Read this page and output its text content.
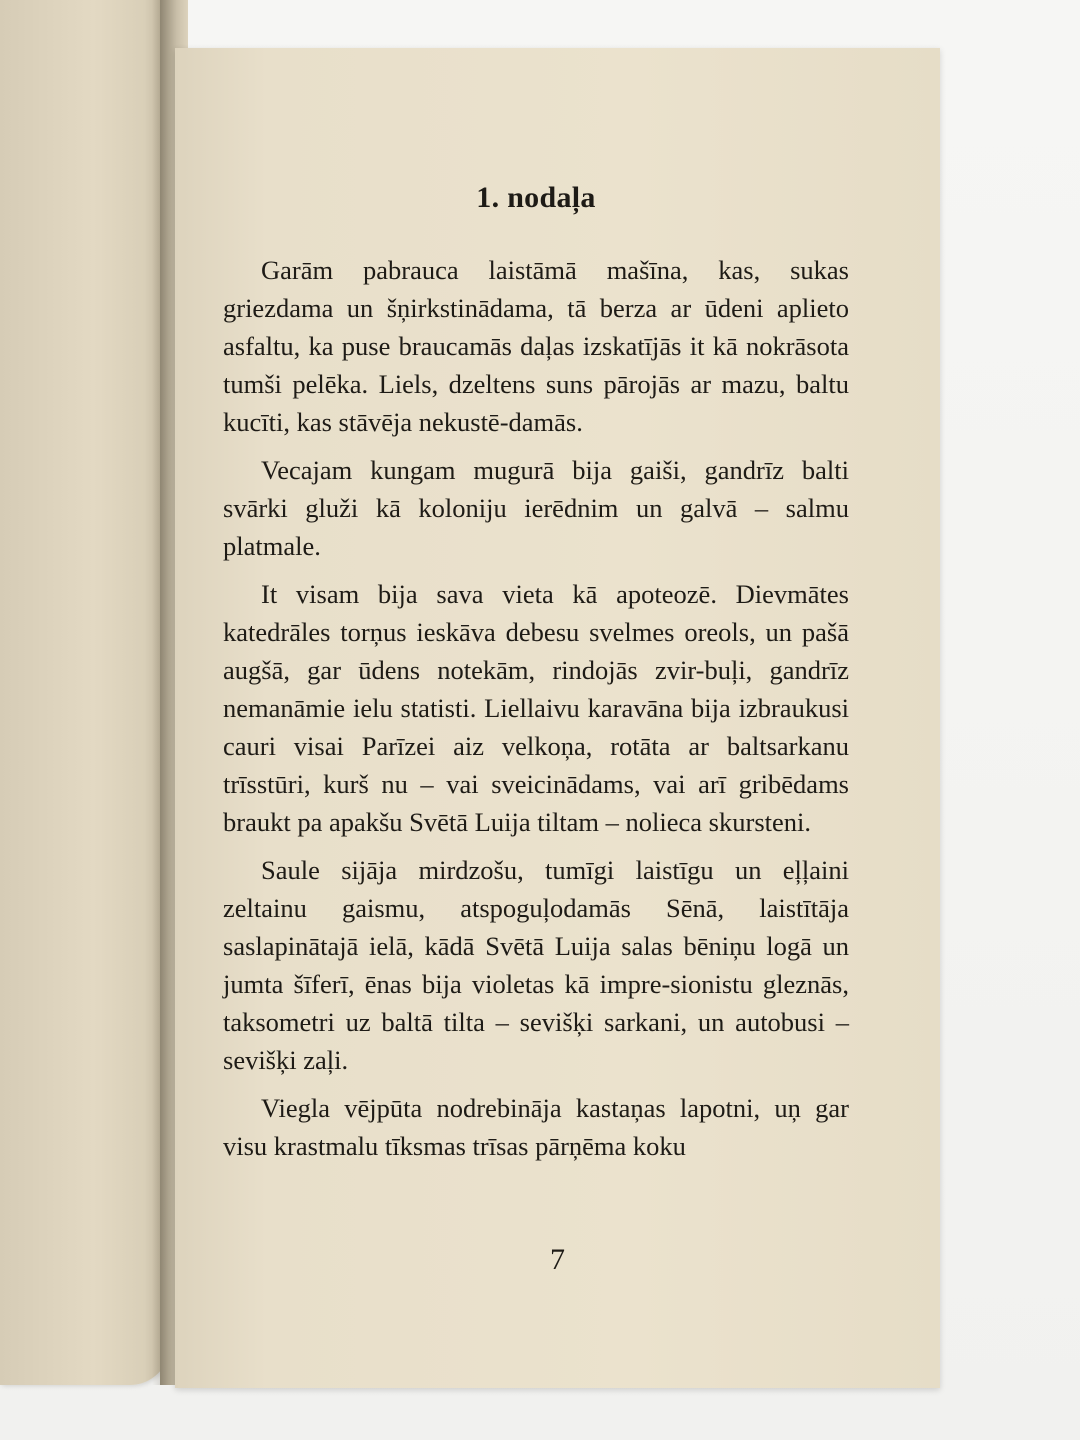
1. nodaļa

Garām pabrauca laistāmā mašīna, kas, sukas griezdama un šņirkstinādama, tā berza ar ūdeni aplieto asfaltu, ka puse braucamās daļas izskatījās it kā nokrāsota tumši pelēka. Liels, dzeltens suns pārojās ar mazu, baltu kucīti, kas stāvēja nekustē-damās.

Vecajam kungam mugurā bija gaiši, gandrīz balti svārki gluži kā koloniju ierēdnim un galvā – salmu platmale.

It visam bija sava vieta kā apoteozē. Dievmātes katedrāles torņus ieskāva debesu svelmes oreols, un pašā augšā, gar ūdens notekām, rindojās zvir-buļi, gandrīz nemanāmie ielu statisti. Liellaivu karavāna bija izbraukusi cauri visai Parīzei aiz velkoņa, rotāta ar baltsarkanu trīsstūri, kurš nu – vai sveicinādams, vai arī gribēdams braukt pa apakšu Svētā Luija tiltam – nolieca skursteni.

Saule sijāja mirdzošu, tumīgi laistīgu un eļļaini zeltainu gaismu, atspoguļodamās Sēnā, laistītāja saslapinātajā ielā, kādā Svētā Luija salas bēniņu logā un jumta šīferī, ēnas bija violetas kā impre-sionistu gleznās, taksometri uz baltā tilta – sevišķi sarkani, un autobusi – sevišķi zaļi.

Viegla vējpūta nodrebināja kastaņas lapotni, uņ gar visu krastmalu tīksmas trīsas pārņēma koku

7
